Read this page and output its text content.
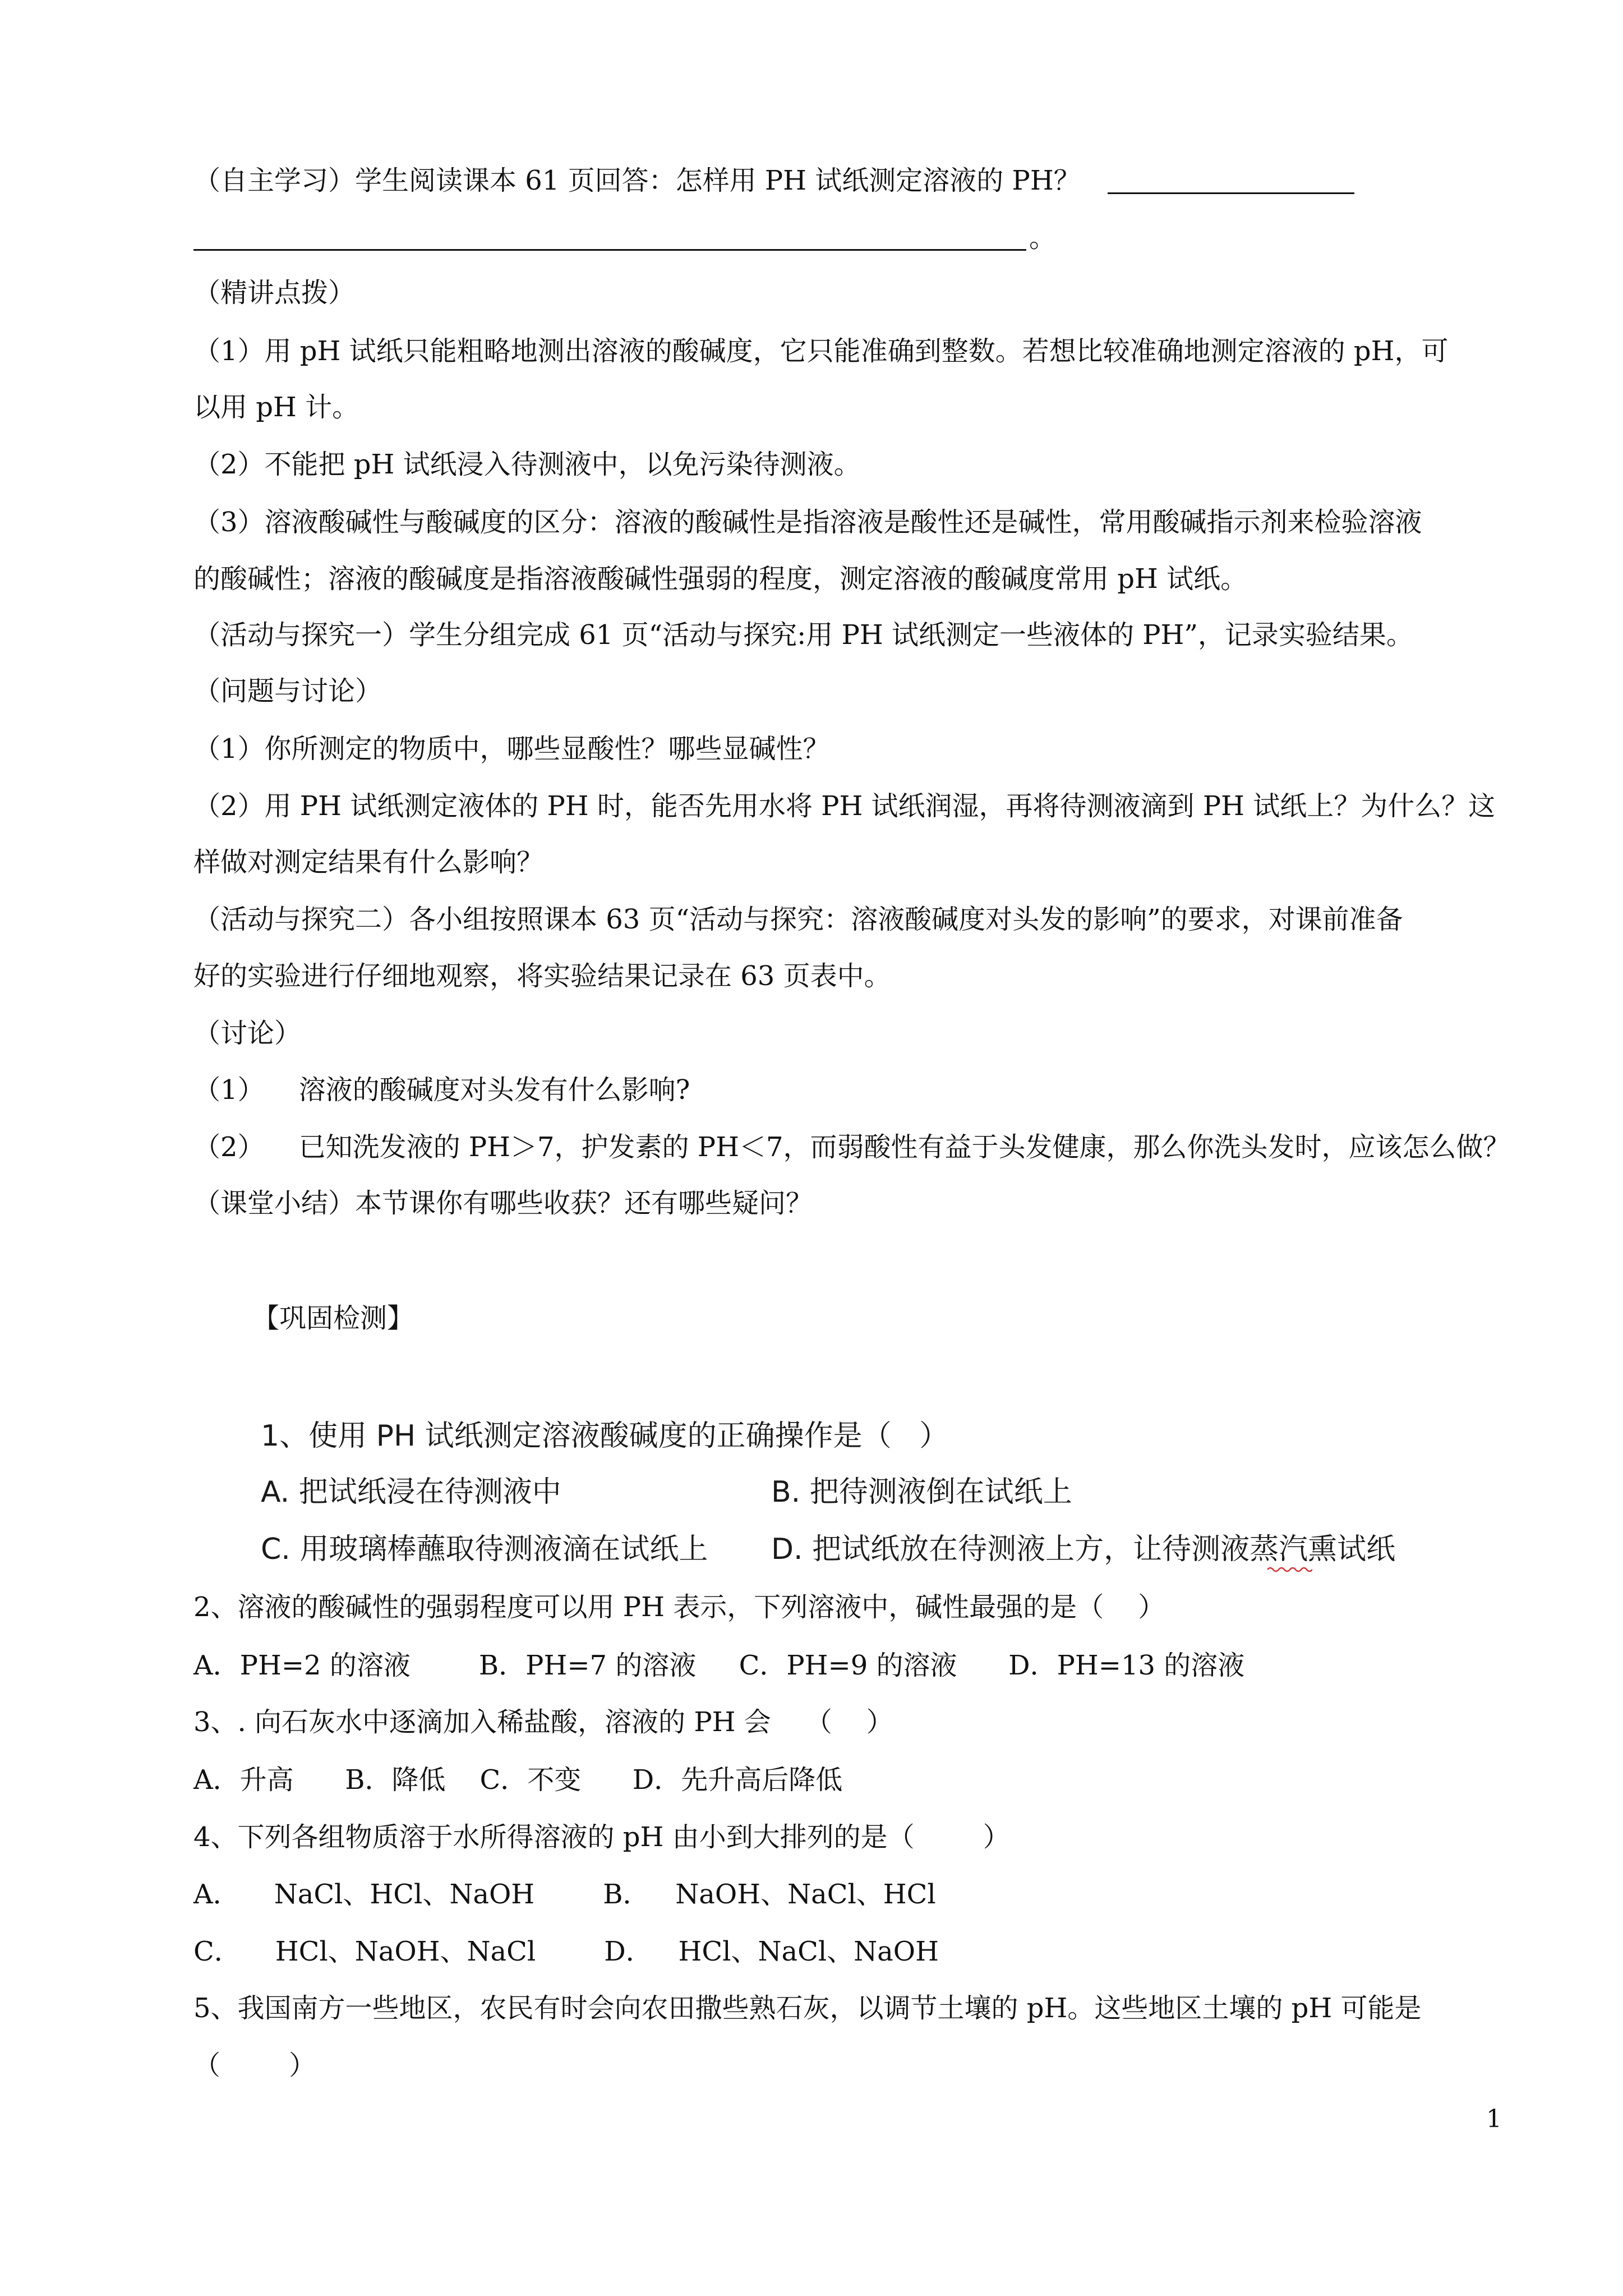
（自主学习）学生阅读课本 61 页回答：怎样用 PH 试纸测定溶液的 PH？

。

（精讲点拨）

（1）用 pH 试纸只能粗略地测出溶液的酸碱度，它只能准确到整数。若想比较准确地测定溶液的 pH，可

以用 pH 计。

（2）不能把 pH 试纸浸入待测液中，以免污染待测液。

（3）溶液酸碱性与酸碱度的区分：溶液的酸碱性是指溶液是酸性还是碱性，常用酸碱指示剂来检验溶液

的酸碱性；溶液的酸碱度是指溶液酸碱性强弱的程度，测定溶液的酸碱度常用 pH 试纸。

（活动与探究一）学生分组完成 61 页“活动与探究:用 PH 试纸测定一些液体的 PH”，记录实验结果。

（问题与讨论）

（1）你所测定的物质中，哪些显酸性？哪些显碱性？

（2）用 PH 试纸测定液体的 PH 时，能否先用水将 PH 试纸润湿，再将待测液滴到 PH 试纸上？为什么？这

样做对测定结果有什么影响？

（活动与探究二）各小组按照课本 63 页“活动与探究：溶液酸碱度对头发的影响”的要求，对课前准备

好的实验进行仔细地观察，将实验结果记录在 63 页表中。

（讨论）

（1）    溶液的酸碱度对头发有什么影响?

（2）    已知洗发液的 PH＞7，护发素的 PH＜7，而弱酸性有益于头发健康，那么你洗头发时，应该怎么做？

（课堂小结）本节课你有哪些收获？还有哪些疑问？

【巩固检测】

1、使用 PH 试纸测定溶液酸碱度的正确操作是（   ）

A. 把试纸浸在待测液中	B. 把待测液倒在试纸上

C. 用玻璃棒蘸取待测液滴在试纸上 D. 把试纸放在待测液上方，让待测液蒸汽熏试纸

2、溶液的酸碱性的强弱程度可以用 PH 表示，下列溶液中，碱性最强的是（    ）

A．PH=2 的溶液        B．PH=7 的溶液     C．PH=9 的溶液      D．PH=13 的溶液

3、. 向石灰水中逐滴加入稀盐酸，溶液的 PH 会    （    ）

A．升高      B．降低    C．不变      D．先升高后降低

4、下列各组物质溶于水所得溶液的 pH 由小到大排列的是（        ）

A．    NaCl、HCl、NaOH        B．   NaOH、NaCl、HCl

C．    HCl、NaOH、NaCl        D．   HCl、NaCl、NaOH

5、我国南方一些地区，农民有时会向农田撒些熟石灰，以调节土壤的 pH。这些地区土壤的 pH 可能是

（        ）

1
